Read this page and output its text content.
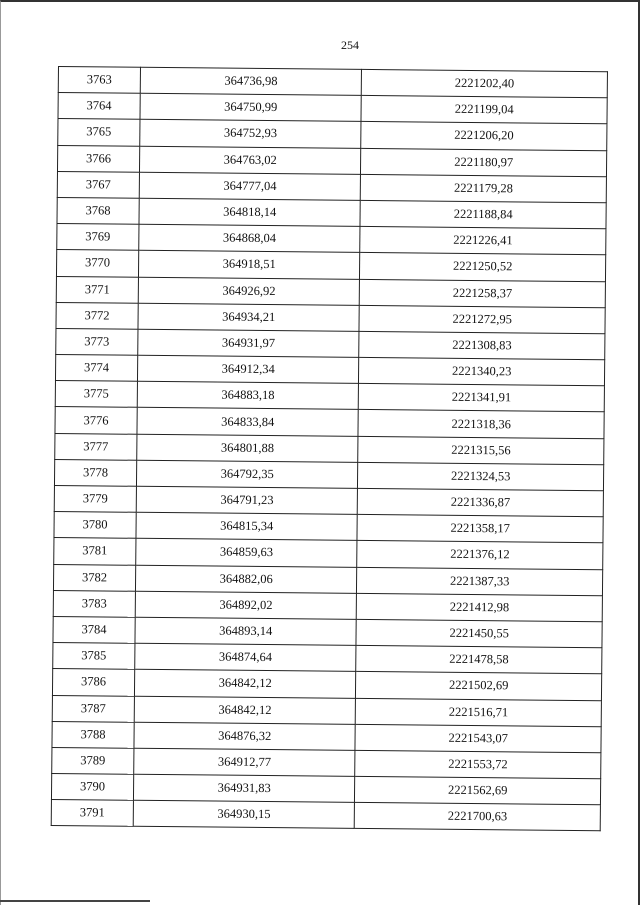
254
3763	364736,98	2221202,40
3764	364750,99	2221199,04
3765	364752,93	2221206,20
3766	364763,02	2221180,97
3767	364777,04	2221179,28
3768	364818,14	2221188,84
3769	364868,04	2221226,41
3770	364918,51	2221250,52
3771	364926,92	2221258,37
3772	364934,21	2221272,95
3773	364931,97	2221308,83
3774	364912,34	2221340,23
3775	364883,18	2221341,91
3776	364833,84	2221318,36
3777	364801,88	2221315,56
3778	364792,35	2221324,53
3779	364791,23	2221336,87
3780	364815,34	2221358,17
3781	364859,63	2221376,12
3782	364882,06	2221387,33
3783	364892,02	2221412,98
3784	364893,14	2221450,55
3785	364874,64	2221478,58
3786	364842,12	2221502,69
3787	364842,12	2221516,71
3788	364876,32	2221543,07
3789	364912,77	2221553,72
3790	364931,83	2221562,69
3791	364930,15	2221700,63
